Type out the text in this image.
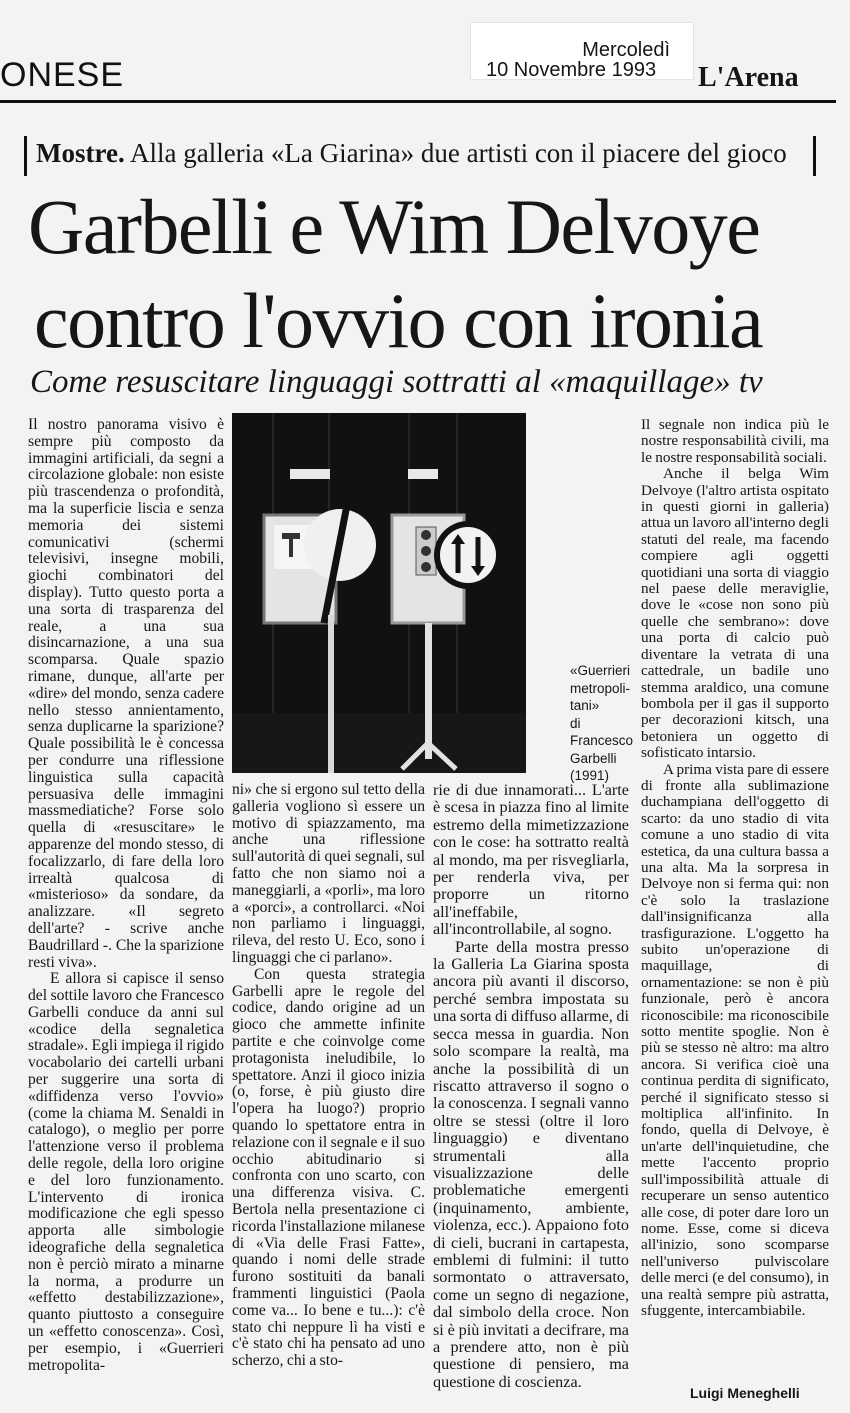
ONESE
Mercoledì
10 Novembre 1993 L'Arena
Mostre. Alla galleria «La Giarina» due artisti con il piacere del gioco
Garbelli e Wim Delvoye
contro l'ovvio con ironia
Come resuscitare linguaggi sottratti al «maquillage» tv

Il nostro panorama visivo è sempre più composto da immagini artificiali, da segni a circolazione globale: non esiste più trascendenza o profondità, ma la superficie liscia e senza memoria dei sistemi comunicativi (schermi televisivi, insegne mobili, giochi combinatori del display). Tutto questo porta a una sorta di trasparenza del reale, a una sua disincarnazione, a una sua scomparsa. Quale spazio rimane, dunque, all'arte per «dire» del mondo, senza cadere nello stesso annientamento, senza duplicarne la sparizione? Quale possibilità le è concessa per condurre una riflessione linguistica sulla capacità persuasiva delle immagini massmediatiche? Forse solo quella di «resuscitare» le apparenze del mondo stesso, di focalizzarlo, di fare della loro irrealtà qualcosa di «misterioso» da sondare, da analizzare. «Il segreto dell'arte? - scrive anche Baudrillard -. Che la sparizione resti viva».

E allora si capisce il senso del sottile lavoro che Francesco Garbelli conduce da anni sul «codice della segnaletica stradale». Egli impiega il rigido vocabolario dei cartelli urbani per suggerire una sorta di «diffidenza verso l'ovvio» (come la chiama M. Senaldi in catalogo), o meglio per porre l'attenzione verso il problema delle regole, della loro origine e del loro funzionamento. L'intervento di ironica modificazione che egli spesso apporta alle simbologie ideografiche della segnaletica non è perciò mirato a minarne la norma, a produrre un «effetto destabilizzazione», quanto piuttosto a conseguire un «effetto conoscenza». Così, per esempio, i «Guerrieri metropolita-

«Guerrieri
metropoli-
tani»
di
Francesco
Garbelli
(1991)

ni» che si ergono sul tetto della galleria vogliono sì essere un motivo di spiazzamento, ma anche una riflessione sull'autorità di quei segnali, sul fatto che non siamo noi a maneggiarli, a «porli», ma loro a «porci», a controllarci. «Noi non parliamo i linguaggi, rileva, del resto U. Eco, sono i linguaggi che ci parlano».

Con questa strategia Garbelli apre le regole del codice, dando origine ad un gioco che ammette infinite partite e che coinvolge come protagonista ineludibile, lo spettatore. Anzi il gioco inizia (o, forse, è più giusto dire l'opera ha luogo?) proprio quando lo spettatore entra in relazione con il segnale e il suo occhio abitudinario si confronta con uno scarto, con una differenza visiva. C. Bertola nella presentazione ci ricorda l'installazione milanese di «Via delle Frasi Fatte», quando i nomi delle strade furono sostituiti da banali frammenti linguistici (Paola come va... Io bene e tu...): c'è stato chi neppure lì ha visti e c'è stato chi ha pensato ad uno scherzo, chi a sto-

rie di due innamorati... L'arte è scesa in piazza fino al limite estremo della mimetizzazione con le cose: ha sottratto realtà al mondo, ma per risvegliarla, per renderla viva, per proporre un ritorno all'ineffabile, all'incontrollabile, al sogno.

Parte della mostra presso la Galleria La Giarina sposta ancora più avanti il discorso, perché sembra impostata su una sorta di diffuso allarme, di secca messa in guardia. Non solo scompare la realtà, ma anche la possibilità di un riscatto attraverso il sogno o la conoscenza. I segnali vanno oltre se stessi (oltre il loro linguaggio) e diventano strumentali alla visualizzazione delle problematiche emergenti (inquinamento, ambiente, violenza, ecc.). Appaiono foto di cieli, bucrani in cartapesta, emblemi di fulmini: il tutto sormontato o attraversato, come un segno di negazione, dal simbolo della croce. Non si è più invitati a decifrare, ma a prendere atto, non è più questione di pensiero, ma questione di coscienza.

Il segnale non indica più le nostre responsabilità civili, ma le nostre responsabilità sociali.

Anche il belga Wim Delvoye (l'altro artista ospitato in questi giorni in galleria) attua un lavoro all'interno degli statuti del reale, ma facendo compiere agli oggetti quotidiani una sorta di viaggio nel paese delle meraviglie, dove le «cose non sono più quelle che sembrano»: dove una porta di calcio può diventare la vetrata di una cattedrale, un badile uno stemma araldico, una comune bombola per il gas il supporto per decorazioni kitsch, una betoniera un oggetto di sofisticato intarsio.

A prima vista pare di essere di fronte alla sublimazione duchampiana dell'oggetto di scarto: da uno stadio di vita comune a uno stadio di vita estetica, da una cultura bassa a una alta. Ma la sorpresa in Delvoye non si ferma qui: non c'è solo la traslazione dall'insignificanza alla trasfigurazione. L'oggetto ha subito un'operazione di maquillage, di ornamentazione: se non è più funzionale, però è ancora riconoscibile: ma riconoscibile sotto mentite spoglie. Non è più se stesso nè altro: ma altro ancora. Si verifica cioè una continua perdita di significato, perché il significato stesso si moltiplica all'infinito. In fondo, quella di Delvoye, è un'arte dell'inquietudine, che mette l'accento proprio sull'impossibilità attuale di recuperare un senso autentico alle cose, di poter dare loro un nome. Esse, come si diceva all'inizio, sono scomparse nell'universo pulviscolare delle merci (e del consumo), in una realtà sempre più astratta, sfuggente, intercambiabile.

Luigi Meneghelli
